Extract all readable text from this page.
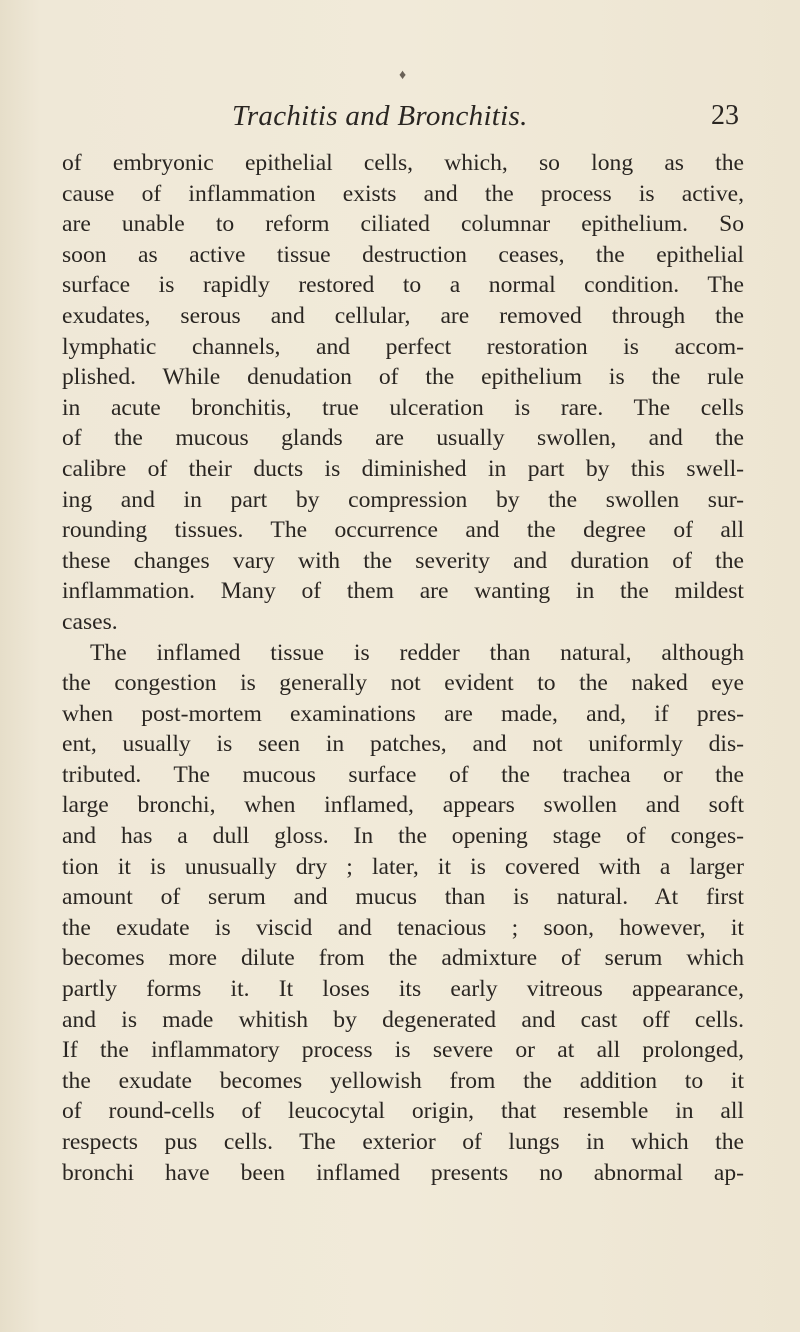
♦
Trachitis and Bronchitis.	23
of embryonic epithelial cells, which, so long as the
cause of inflammation exists and the process is active,
are unable to reform ciliated columnar epithelium. So
soon as active tissue destruction ceases, the epithelial
surface is rapidly restored to a normal condition. The
exudates, serous and cellular, are removed through the
lymphatic channels, and perfect restoration is accom-
plished. While denudation of the epithelium is the rule
in acute bronchitis, true ulceration is rare. The cells
of the mucous glands are usually swollen, and the
calibre of their ducts is diminished in part by this swell-
ing and in part by compression by the swollen sur-
rounding tissues. The occurrence and the degree of all
these changes vary with the severity and duration of the
inflammation. Many of them are wanting in the mildest
cases.
The inflamed tissue is redder than natural, although
the congestion is generally not evident to the naked eye
when post-mortem examinations are made, and, if pres-
ent, usually is seen in patches, and not uniformly dis-
tributed. The mucous surface of the trachea or the
large bronchi, when inflamed, appears swollen and soft
and has a dull gloss. In the opening stage of conges-
tion it is unusually dry ; later, it is covered with a larger
amount of serum and mucus than is natural. At first
the exudate is viscid and tenacious ; soon, however, it
becomes more dilute from the admixture of serum which
partly forms it. It loses its early vitreous appearance,
and is made whitish by degenerated and cast off cells.
If the inflammatory process is severe or at all prolonged,
the exudate becomes yellowish from the addition to it
of round-cells of leucocytal origin, that resemble in all
respects pus cells. The exterior of lungs in which the
bronchi have been inflamed presents no abnormal ap-
